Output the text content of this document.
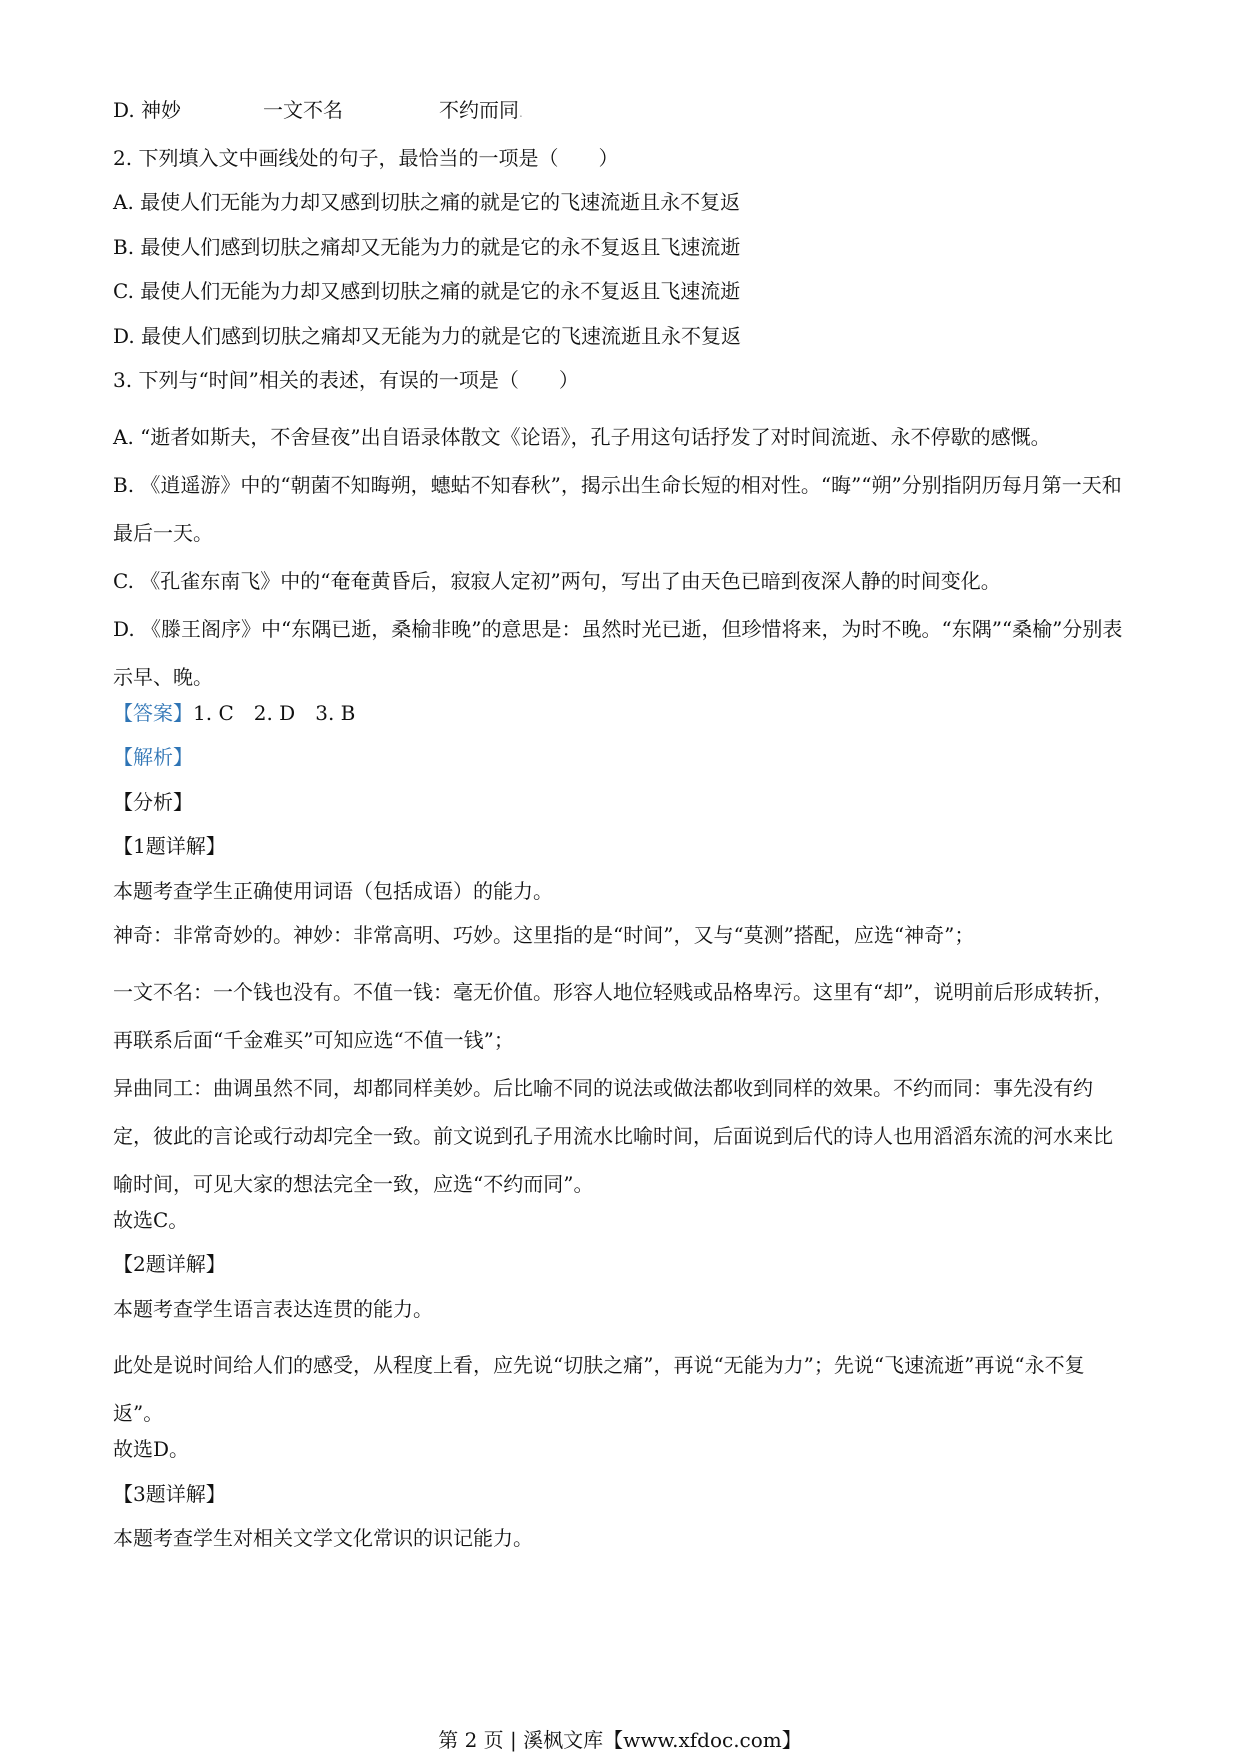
D. 神妙	一文不名	不约而同.
2. 下列填入文中画线处的句子，最恰当的一项是（　　）
A. 最使人们无能为力却又感到切肤之痛的就是它的飞速流逝且永不复返
B. 最使人们感到切肤之痛却又无能为力的就是它的永不复返且飞速流逝
C. 最使人们无能为力却又感到切肤之痛的就是它的永不复返且飞速流逝
D. 最使人们感到切肤之痛却又无能为力的就是它的飞速流逝且永不复返
3. 下列与“时间”相关的表述，有误的一项是（　　）
A. “逝者如斯夫，不舍昼夜”出自语录体散文《论语》，孔子用这句话抒发了对时间流逝、永不停歇的感慨。
B. 《逍遥游》中的“朝菌不知晦朔，蟪蛄不知春秋”，揭示出生命长短的相对性。“晦”“朔”分别指阴历每月第一天和最后一天。
C. 《孔雀东南飞》中的“奄奄黄昏后，寂寂人定初”两句，写出了由天色已暗到夜深人静的时间变化。
D. 《滕王阁序》中“东隅已逝，桑榆非晚”的意思是：虽然时光已逝，但珍惜将来，为时不晚。“东隅”“桑榆”分别表示早、晚。
【答案】1. C　2. D　3. B
【解析】
【分析】
【1题详解】
本题考查学生正确使用词语（包括成语）的能力。
神奇：非常奇妙的。神妙：非常高明、巧妙。这里指的是“时间”，又与“莫测”搭配，应选“神奇”；
一文不名：一个钱也没有。不值一钱：毫无价值。形容人地位轻贱或品格卑污。这里有“却”，说明前后形成转折，再联系后面“千金难买”可知应选“不值一钱”；
异曲同工：曲调虽然不同，却都同样美妙。后比喻不同的说法或做法都收到同样的效果。不约而同：事先没有约定，彼此的言论或行动却完全一致。前文说到孔子用流水比喻时间，后面说到后代的诗人也用滔滔东流的河水来比喻时间，可见大家的想法完全一致，应选“不约而同”。
故选C。
【2题详解】
本题考查学生语言表达连贯的能力。
此处是说时间给人们的感受，从程度上看，应先说“切肤之痛”，再说“无能为力”；先说“飞速流逝”再说“永不复返”。
故选D。
【3题详解】
本题考查学生对相关文学文化常识的识记能力。
第 2 页 | 溪枫文库【www.xfdoc.com】
